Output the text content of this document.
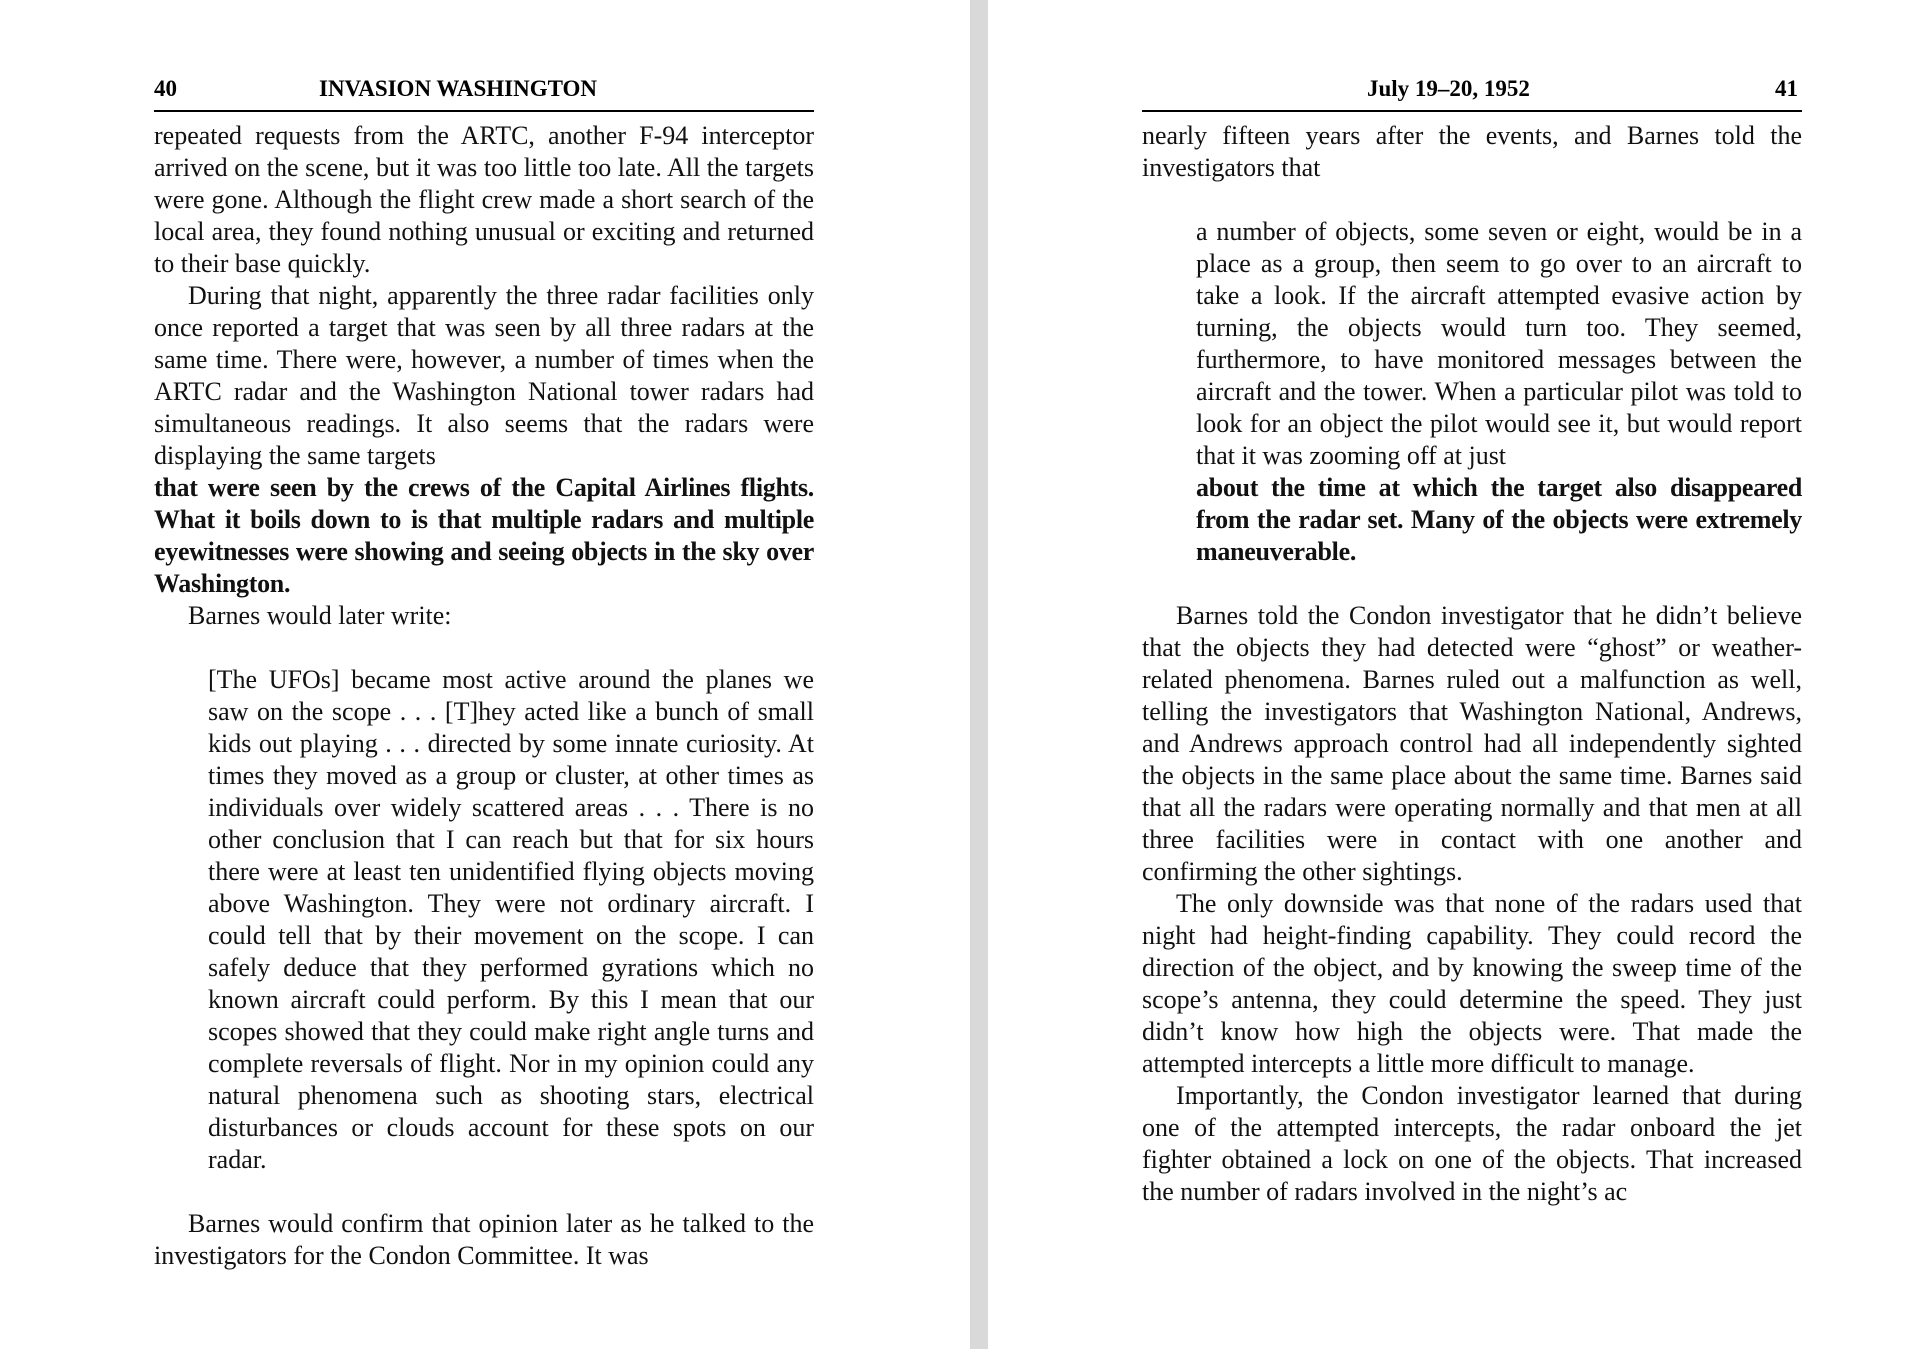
40	INVASION WASHINGTON

repeated requests from the ARTC, another F-94 interceptor arrived on the scene, but it was too little too late. All the targets were gone. Although the flight crew made a short search of the local area, they found nothing unusual or exciting and returned to their base quickly.

During that night, apparently the three radar facilities only once reported a target that was seen by all three radars at the same time. There were, however, a number of times when the ARTC radar and the Washington National tower radars had simultaneous readings. It also seems that the radars were displaying the same targets

that were seen by the crews of the Capital Airlines flights. What it boils down to is that multiple radars and multiple eyewitnesses were showing and seeing objects in the sky over Washington.

Barnes would later write:

[The UFOs] became most active around the planes we saw on the scope . . . [T]hey acted like a bunch of small kids out playing . . . directed by some innate curiosity. At times they moved as a group or cluster, at other times as individuals over widely scattered areas . . . There is no other conclusion that I can reach but that for six hours there were at least ten unidentified flying objects moving above Washington. They were not ordinary aircraft. I could tell that by their movement on the scope. I can safely deduce that they performed gyrations which no known aircraft could perform. By this I mean that our scopes showed that they could make right angle turns and complete reversals of flight. Nor in my opinion could any natural phenomena such as shooting stars, electrical disturbances or clouds account for these spots on our radar.

Barnes would confirm that opinion later as he talked to the investigators for the Condon Committee. It was

July 19–20, 1952	41

nearly fifteen years after the events, and Barnes told the investigators that

a number of objects, some seven or eight, would be in a place as a group, then seem to go over to an aircraft to take a look. If the aircraft attempted evasive action by turning, the objects would turn too. They seemed, furthermore, to have monitored messages between the aircraft and the tower. When a particular pilot was told to look for an object the pilot would see it, but would report that it was zooming off at just

about the time at which the target also disappeared from the radar set. Many of the objects were extremely maneuverable.

Barnes told the Condon investigator that he didn’t believe that the objects they had detected were “ghost” or weather-related phenomena. Barnes ruled out a malfunction as well, telling the investigators that Washington National, Andrews, and Andrews approach control had all independently sighted the objects in the same place about the same time. Barnes said that all the radars were operating normally and that men at all three facilities were in contact with one another and confirming the other sightings.

The only downside was that none of the radars used that night had height-finding capability. They could record the direction of the object, and by knowing the sweep time of the scope’s antenna, they could determine the speed. They just didn’t know how high the objects were. That made the attempted intercepts a little more difficult to manage.

Importantly, the Condon investigator learned that during one of the attempted intercepts, the radar onboard the jet fighter obtained a lock on one of the objects. That increased the number of radars involved in the night’s ac
